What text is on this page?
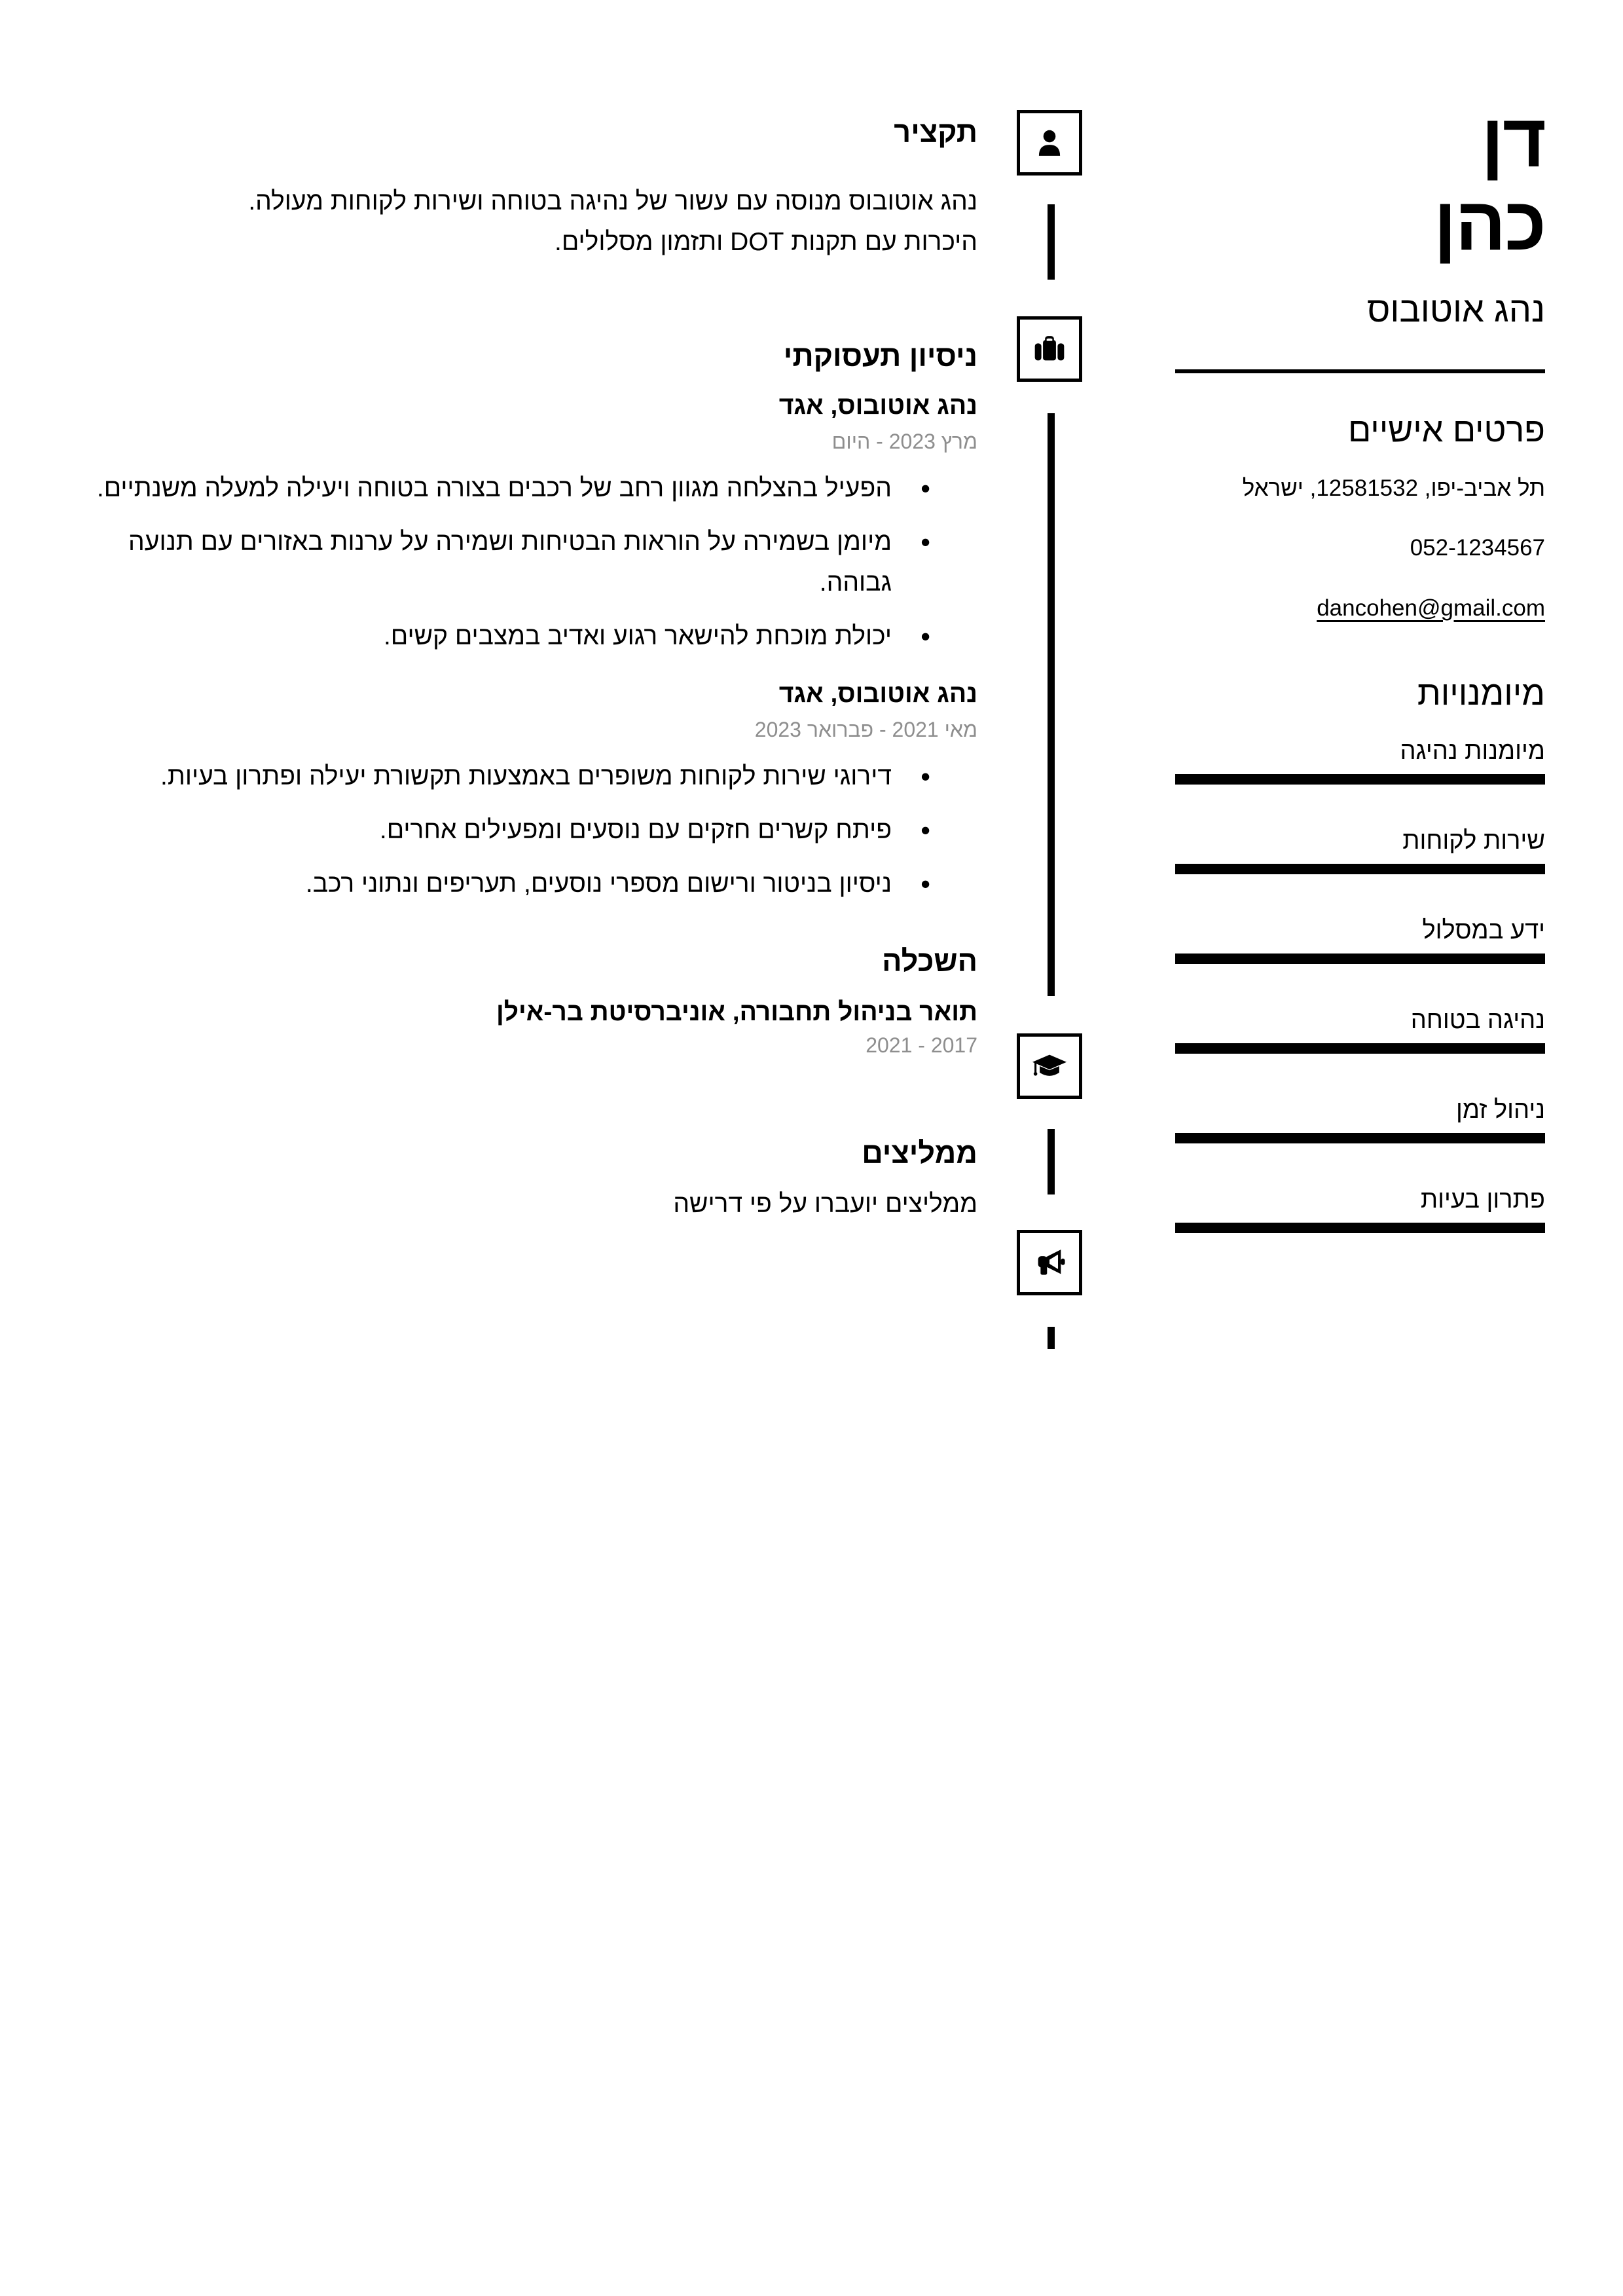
דן
כהן
נהג אוטובוס
פרטים אישיים
תל אביב-יפו, 12581532, ישראל
052-1234567
dancohen@gmail.com
מיומנויות
מיומנות נהיגה
שירות לקוחות
ידע במסלול
נהיגה בטוחה
ניהול זמן
פתרון בעיות
תקציר
נהג אוטובוס מנוסה עם עשור של נהיגה בטוחה ושירות לקוחות מעולה.
היכרות עם תקנות DOT ותזמון מסלולים.
ניסיון תעסוקתי
נהג אוטובוס, אגד
מרץ 2023 - היום
• הפעיל בהצלחה מגוון רחב של רכבים בצורה בטוחה ויעילה למעלה משנתיים.
• מיומן בשמירה על הוראות הבטיחות ושמירה על ערנות באזורים עם תנועה גבוהה.
• יכולת מוכחת להישאר רגוע ואדיב במצבים קשים.
נהג אוטובוס, אגד
מאי 2021 - פברואר 2023
• דירוגי שירות לקוחות משופרים באמצעות תקשורת יעילה ופתרון בעיות.
• פיתח קשרים חזקים עם נוסעים ומפעילים אחרים.
• ניסיון בניטור ורישום מספרי נוסעים, תעריפים ונתוני רכב.
השכלה
תואר בניהול תחבורה, אוניברסיטת בר-אילן
2017 - 2021
ממליצים
ממליצים יועברו על פי דרישה
